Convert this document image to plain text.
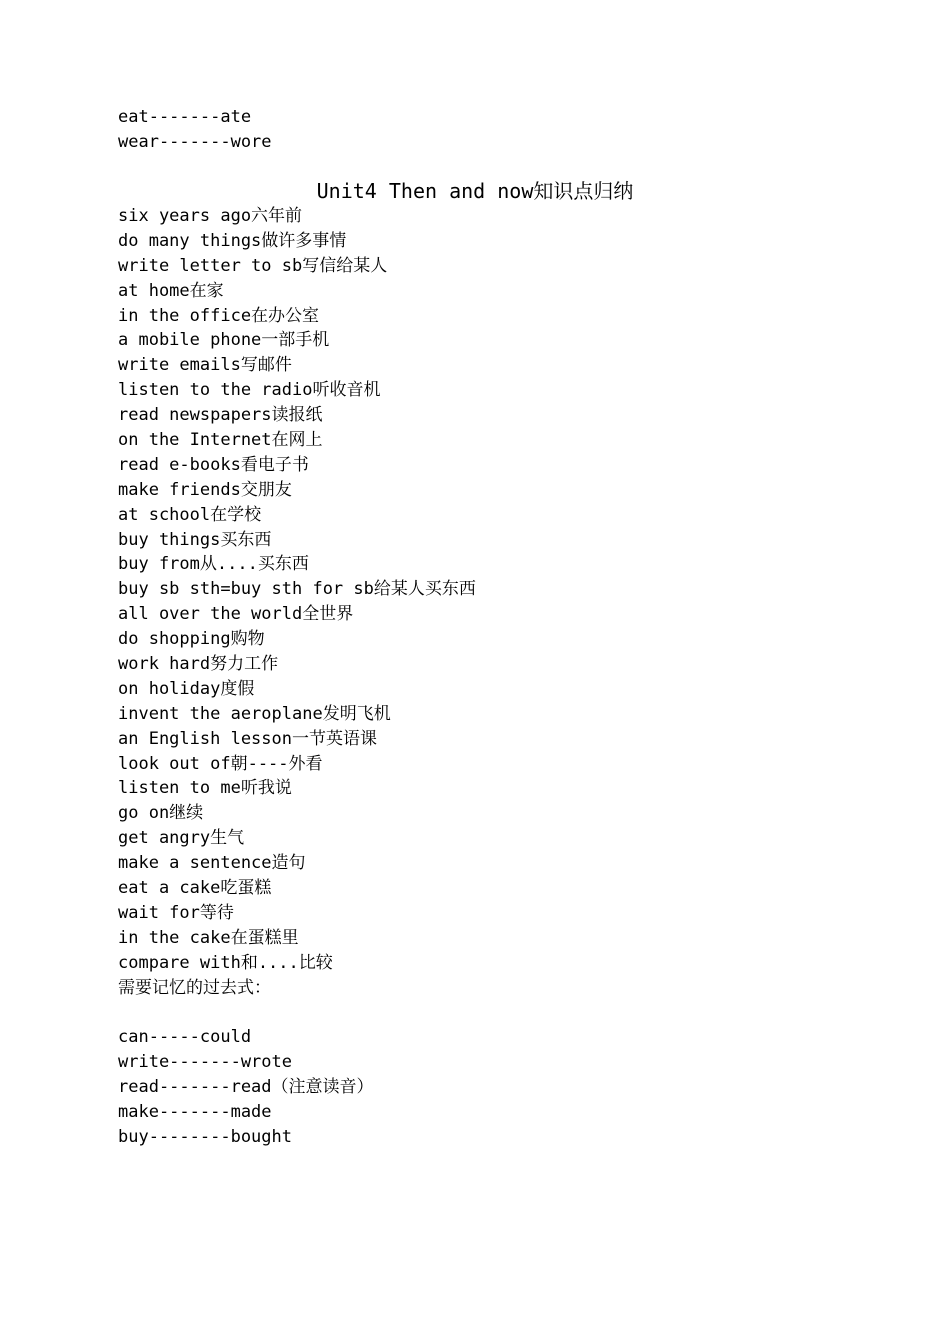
eat-------ate
wear-------wore
Unit4 Then and now知识点归纳
six years ago六年前
do many things做许多事情
write letter to sb写信给某人
at home在家
in the office在办公室
a mobile phone一部手机
write emails写邮件
listen to the radio听收音机
read newspapers读报纸
on the Internet在网上
read e-books看电子书
make friends交朋友
at school在学校
buy things买东西
buy from从....买东西
buy sb sth=buy sth for sb给某人买东西
all over the world全世界
do shopping购物
work hard努力工作
on holiday度假
invent the aeroplane发明飞机
an English lesson一节英语课
look out of朝----外看
listen to me听我说
go on继续
get angry生气
make a sentence造句
eat a cake吃蛋糕
wait for等待
in the cake在蛋糕里
compare with和....比较
需要记忆的过去式：
can-----could
write-------wrote
read-------read（注意读音）
make-------made
buy--------bought
